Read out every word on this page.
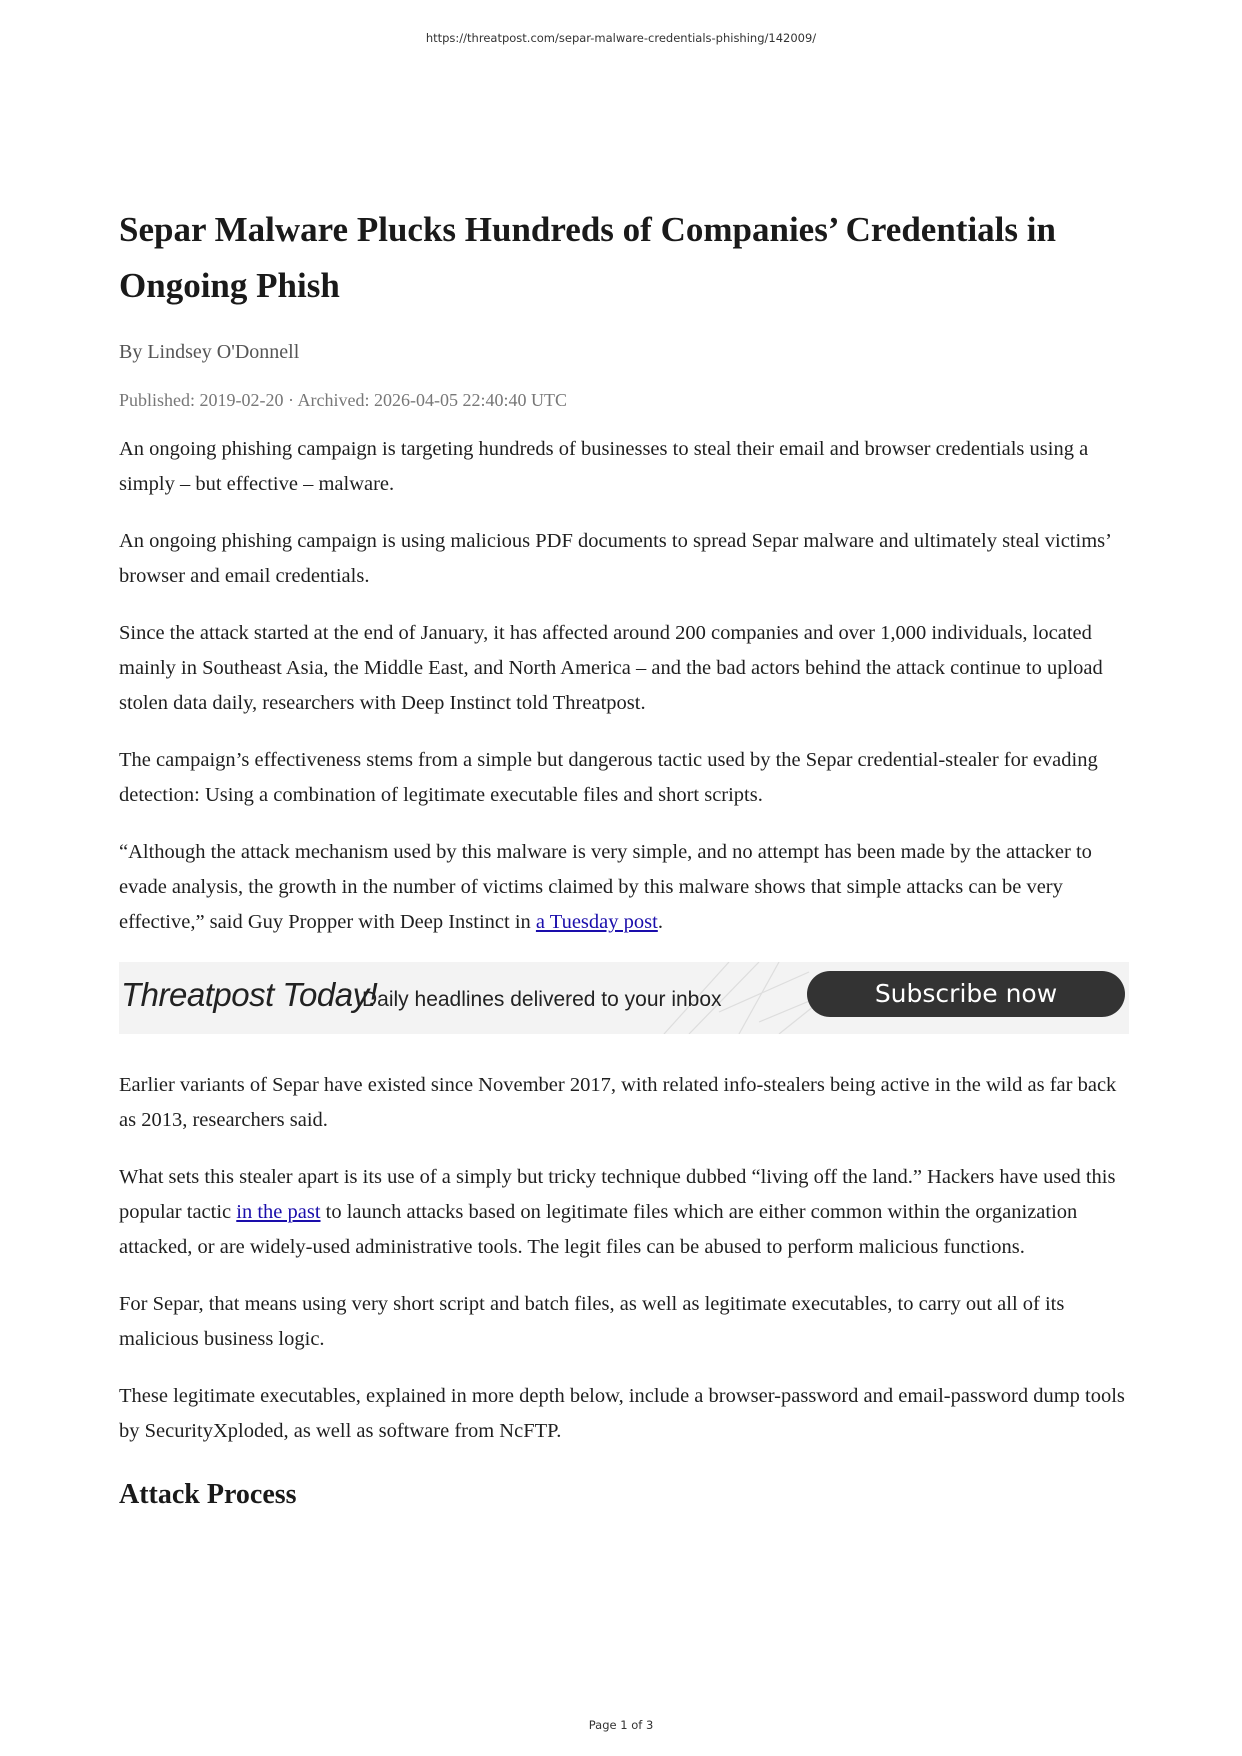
https://threatpost.com/separ-malware-credentials-phishing/142009/
Separ Malware Plucks Hundreds of Companies’ Credentials in Ongoing Phish

By Lindsey O'Donnell

Published: 2019-02-20 · Archived: 2026-04-05 22:40:40 UTC

An ongoing phishing campaign is targeting hundreds of businesses to steal their email and browser credentials using a simply – but effective – malware.

An ongoing phishing campaign is using malicious PDF documents to spread Separ malware and ultimately steal victims’ browser and email credentials.

Since the attack started at the end of January, it has affected around 200 companies and over 1,000 individuals, located mainly in Southeast Asia, the Middle East, and North America – and the bad actors behind the attack continue to upload stolen data daily, researchers with Deep Instinct told Threatpost.

The campaign’s effectiveness stems from a simple but dangerous tactic used by the Separ credential-stealer for evading detection: Using a combination of legitimate executable files and short scripts.

“Although the attack mechanism used by this malware is very simple, and no attempt has been made by the attacker to evade analysis, the growth in the number of victims claimed by this malware shows that simple attacks can be very effective,” said Guy Propper with Deep Instinct in a Tuesday post.

Threatpost Today!
Daily headlines delivered to your inbox	Subscribe now

Earlier variants of Separ have existed since November 2017, with related info-stealers being active in the wild as far back as 2013, researchers said.

What sets this stealer apart is its use of a simply but tricky technique dubbed “living off the land.” Hackers have used this popular tactic in the past to launch attacks based on legitimate files which are either common within the organization attacked, or are widely-used administrative tools. The legit files can be abused to perform malicious functions.

For Separ, that means using very short script and batch files, as well as legitimate executables, to carry out all of its malicious business logic.

These legitimate executables, explained in more depth below, include a browser-password and email-password dump tools by SecurityXploded, as well as software from NcFTP.

Attack Process
Page 1 of 3
